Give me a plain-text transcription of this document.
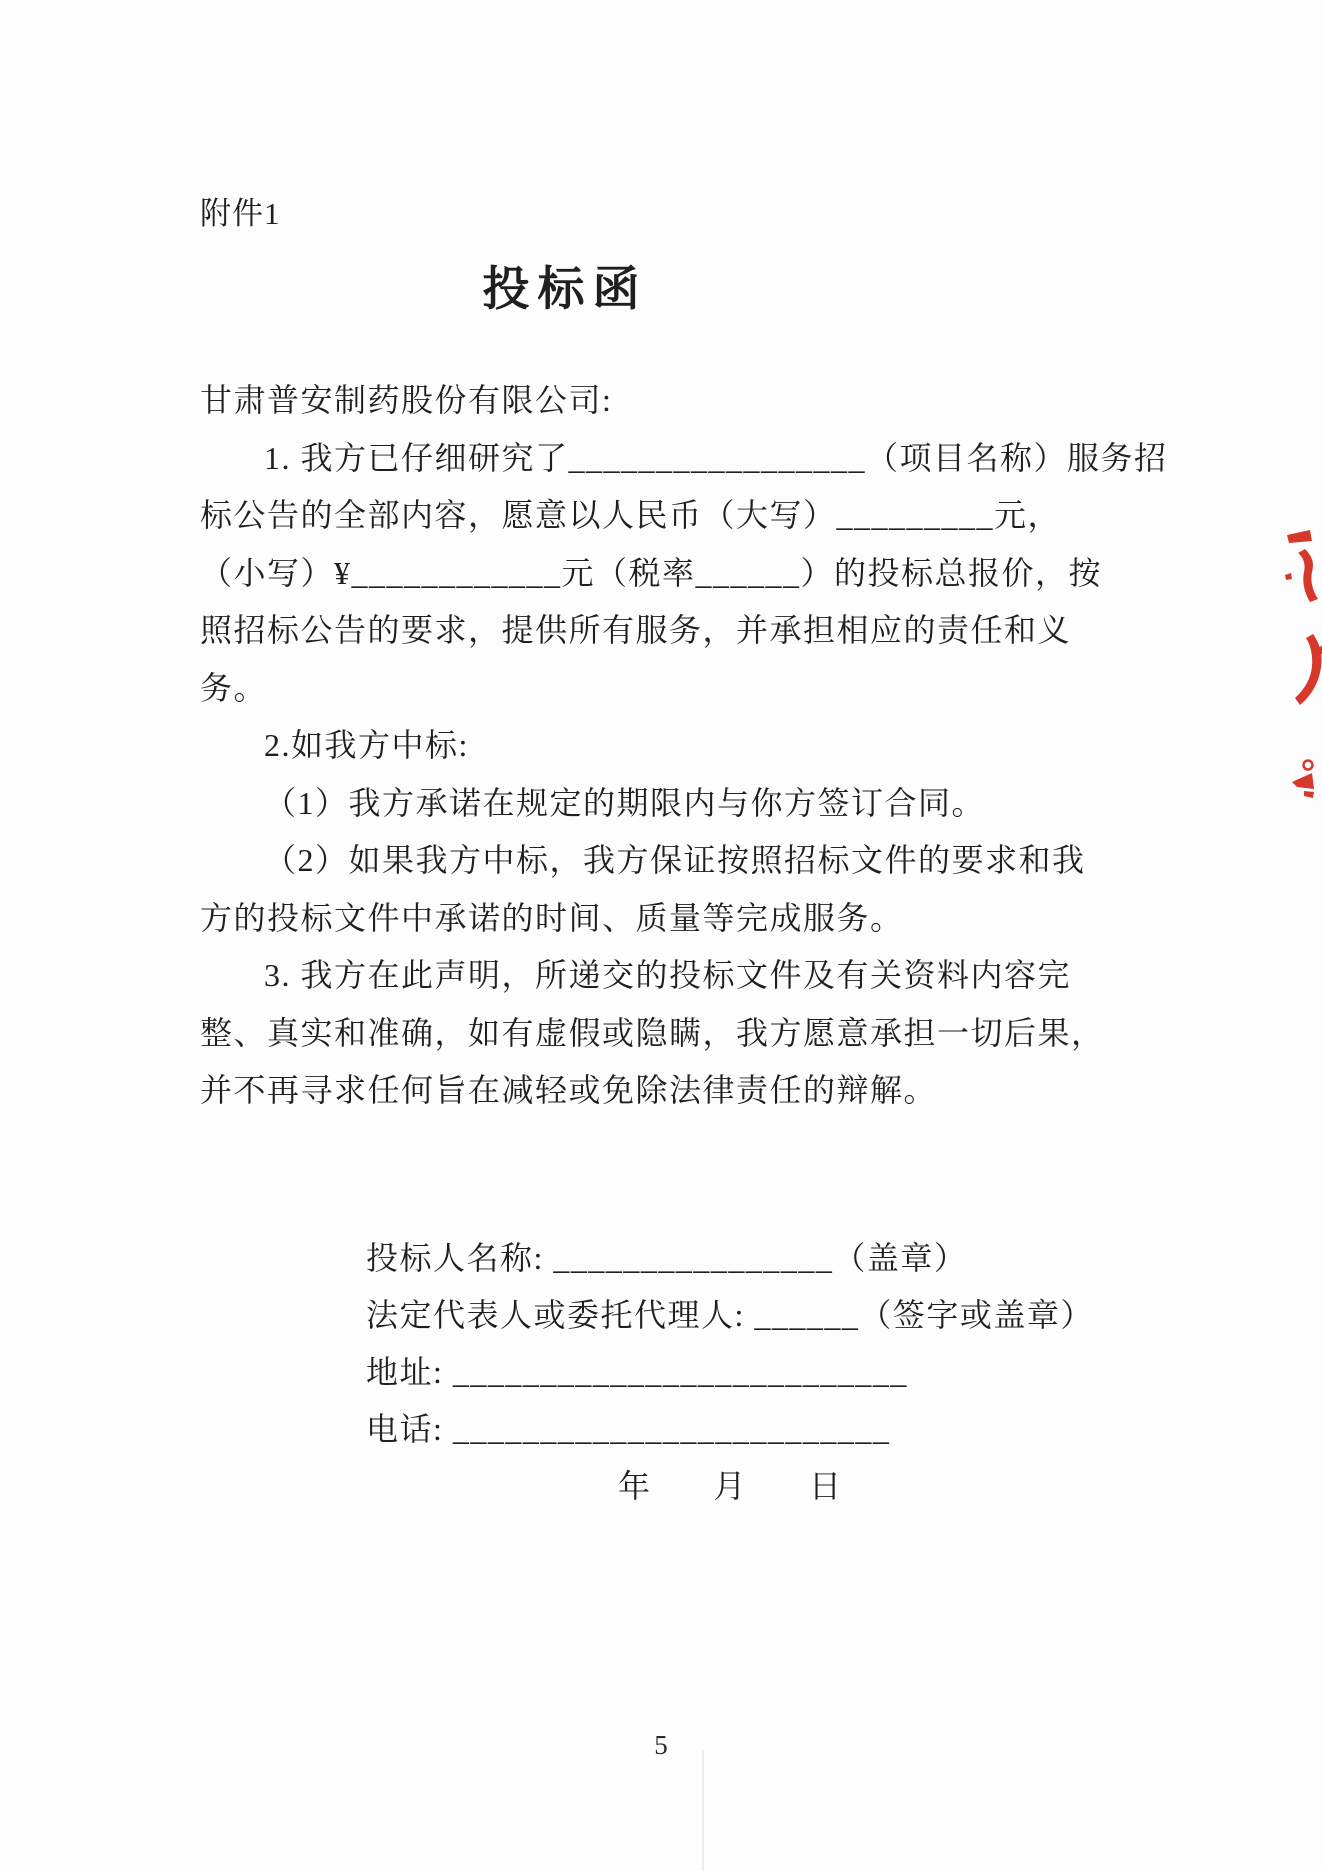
附件1
投标函
甘肃普安制药股份有限公司:
1. 我方已仔细研究了_________________（项目名称）服务招
标公告的全部内容，愿意以人民币（大写）_________元，
（小写）¥____________元（税率______）的投标总报价，按
照招标公告的要求，提供所有服务，并承担相应的责任和义
务。
2.如我方中标:
（1）我方承诺在规定的期限内与你方签订合同。
（2）如果我方中标，我方保证按照招标文件的要求和我
方的投标文件中承诺的时间、质量等完成服务。
3. 我方在此声明，所递交的投标文件及有关资料内容完
整、真实和准确，如有虚假或隐瞒，我方愿意承担一切后果，
并不再寻求任何旨在减轻或免除法律责任的辩解。
投标人名称: ________________（盖章）
法定代表人或委托代理人: ______（签字或盖章）
地址: __________________________
电话: _________________________
年 月 日
5
